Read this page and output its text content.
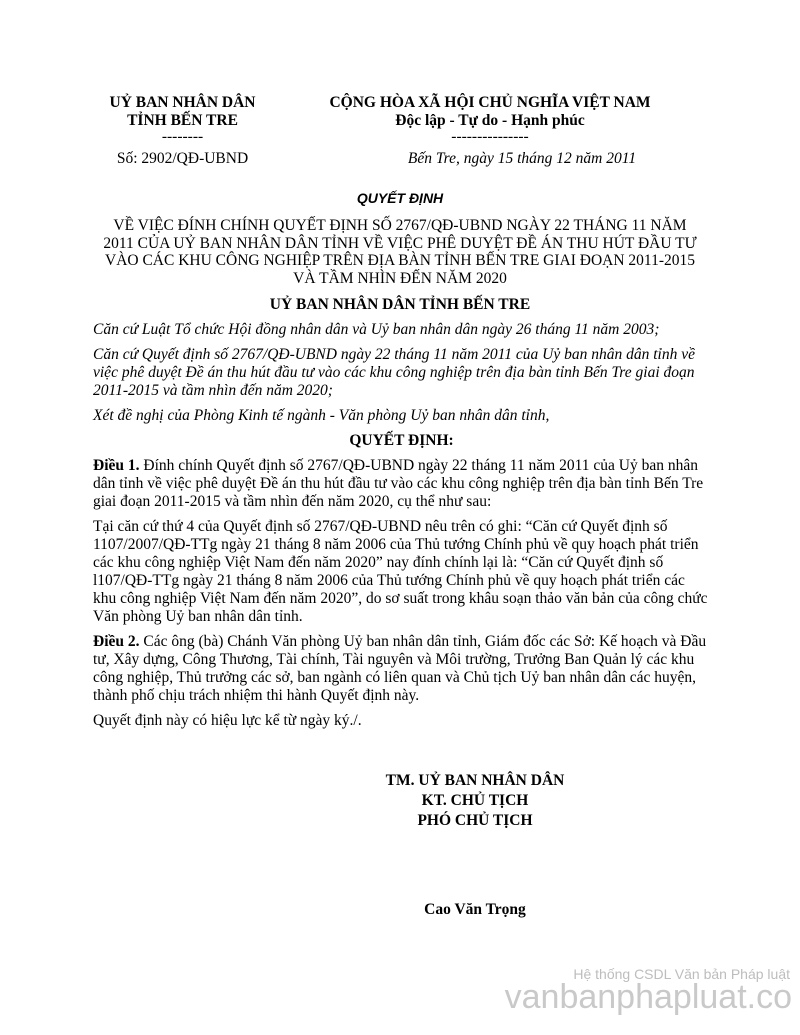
UỶ BAN NHÂN DÂN
TỈNH BẾN TRE
--------
CỘNG HÒA XÃ HỘI CHỦ NGHĨA VIỆT NAM
Độc lập - Tự do - Hạnh phúc
---------------
Số: 2902/QĐ-UBND	Bến Tre, ngày 15 tháng 12 năm 2011
QUYẾT ĐỊNH
VỀ VIỆC ĐÍNH CHÍNH QUYẾT ĐỊNH SỐ 2767/QĐ-UBND NGÀY 22 THÁNG 11 NĂM
2011 CỦA UỶ BAN NHÂN DÂN TỈNH VỀ VIỆC PHÊ DUYỆT ĐỀ ÁN THU HÚT ĐẦU TƯ
VÀO CÁC KHU CÔNG NGHIỆP TRÊN ĐỊA BÀN TỈNH BẾN TRE GIAI ĐOẠN 2011-2015
VÀ TẦM NHÌN ĐẾN NĂM 2020
UỶ BAN NHÂN DÂN TỈNH BẾN TRE

Căn cứ Luật Tổ chức Hội đồng nhân dân và Uỷ ban nhân dân ngày 26 tháng 11 năm 2003;

Căn cứ Quyết định số 2767/QĐ-UBND ngày 22 tháng 11 năm 2011 của Uỷ ban nhân dân tỉnh về việc phê duyệt Đề án thu hút đầu tư vào các khu công nghiệp trên địa bàn tỉnh Bến Tre giai đoạn 2011-2015 và tầm nhìn đến năm 2020;

Xét đề nghị của Phòng Kinh tế ngành - Văn phòng Uỷ ban nhân dân tỉnh,

QUYẾT ĐỊNH:

Điều 1. Đính chính Quyết định số 2767/QĐ-UBND ngày 22 tháng 11 năm 2011 của Uỷ ban nhân dân tỉnh về việc phê duyệt Đề án thu hút đầu tư vào các khu công nghiệp trên địa bàn tỉnh Bến Tre giai đoạn 2011-2015 và tầm nhìn đến năm 2020, cụ thể như sau:

Tại căn cứ thứ 4 của Quyết định số 2767/QĐ-UBND nêu trên có ghi: “Căn cứ Quyết định số 1107/2007/QĐ-TTg ngày 21 tháng 8 năm 2006 của Thủ tướng Chính phủ về quy hoạch phát triển các khu công nghiệp Việt Nam đến năm 2020” nay đính chính lại là: “Căn cứ Quyết định số l107/QĐ-TTg ngày 21 tháng 8 năm 2006 của Thủ tướng Chính phủ về quy hoạch phát triển các khu công nghiệp Việt Nam đến năm 2020”, do sơ suất trong khâu soạn thảo văn bản của công chức Văn phòng Uỷ ban nhân dân tỉnh.

Điều 2. Các ông (bà) Chánh Văn phòng Uỷ ban nhân dân tỉnh, Giám đốc các Sở: Kế hoạch và Đầu tư, Xây dựng, Công Thương, Tài chính, Tài nguyên và Môi trường, Trưởng Ban Quản lý các khu công nghiệp, Thủ trưởng các sở, ban ngành có liên quan và Chủ tịch Uỷ ban nhân dân các huyện, thành phố chịu trách nhiệm thi hành Quyết định này.

Quyết định này có hiệu lực kể từ ngày ký./.

TM. UỶ BAN NHÂN DÂN
KT. CHỦ TỊCH
PHÓ CHỦ TỊCH
Cao Văn Trọng
Hệ thống CSDL Văn bản Pháp luật
vanbanphapluat.co
